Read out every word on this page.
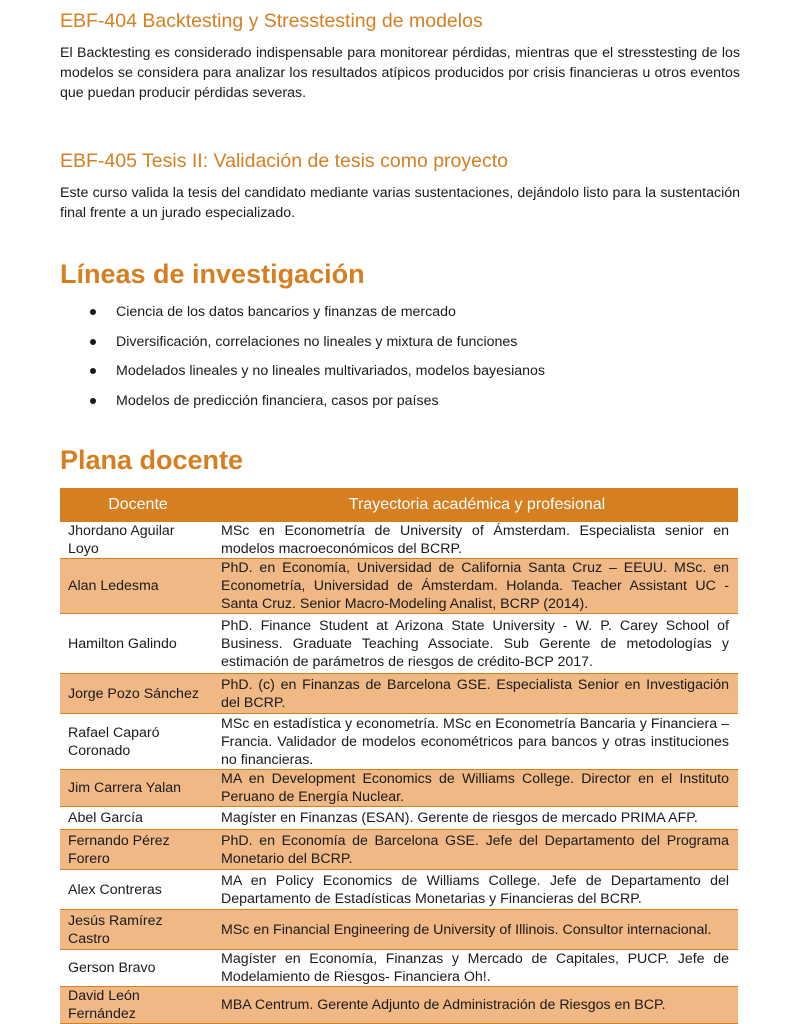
EBF-404 Backtesting y Stresstesting de modelos

El Backtesting es considerado indispensable para monitorear pérdidas, mientras que el stresstesting de los modelos se considera para analizar los resultados atípicos producidos por crisis financieras u otros eventos que puedan producir pérdidas severas.

EBF-405 Tesis II: Validación de tesis como proyecto

Este curso valida la tesis del candidato mediante varias sustentaciones, dejándolo listo para la sustentación final frente a un jurado especializado.

Líneas de investigación
Ciencia de los datos bancarios y finanzas de mercado
Diversificación, correlaciones no lineales y mixtura de funciones
Modelados lineales y no lineales multivariados, modelos bayesianos
Modelos de predicción financiera, casos por países
Plana docente
Docente	Trayectoria académica y profesional
Jhordano Aguilar Loyo	MSc en Econometría de University of Ámsterdam. Especialista senior en modelos macroeconómicos del BCRP.
Alan Ledesma	PhD. en Economía, Universidad de California Santa Cruz – EEUU. MSc. en Econometría, Universidad de Ámsterdam. Holanda. Teacher Assistant UC - Santa Cruz. Senior Macro-Modeling Analist, BCRP (2014).
Hamilton Galindo	PhD. Finance Student at Arizona State University - W. P. Carey School of Business. Graduate Teaching Associate. Sub Gerente de metodologías y estimación de parámetros de riesgos de crédito-BCP 2017.
Jorge Pozo Sánchez	PhD. (c) en Finanzas de Barcelona GSE. Especialista Senior en Investigación del BCRP.
Rafael Caparó Coronado	MSc en estadística y econometría. MSc en Econometría Bancaria y Financiera – Francia. Validador de modelos econométricos para bancos y otras instituciones no financieras.
Jim Carrera Yalan	MA en Development Economics de Williams College. Director en el Instituto Peruano de Energía Nuclear.
Abel García	Magíster en Finanzas (ESAN). Gerente de riesgos de mercado PRIMA AFP.
Fernando Pérez Forero	PhD. en Economía de Barcelona GSE. Jefe del Departamento del Programa Monetario del BCRP.
Alex Contreras	MA en Policy Economics de Williams College. Jefe de Departamento del Departamento de Estadísticas Monetarias y Financieras del BCRP.
Jesús Ramírez Castro	MSc en Financial Engineering de University of Illinois. Consultor internacional.
Gerson Bravo	Magíster en Economía, Finanzas y Mercado de Capitales, PUCP. Jefe de Modelamiento de Riesgos- Financiera Oh!.
David León Fernández	MBA Centrum. Gerente Adjunto de Administración de Riesgos en BCP.
